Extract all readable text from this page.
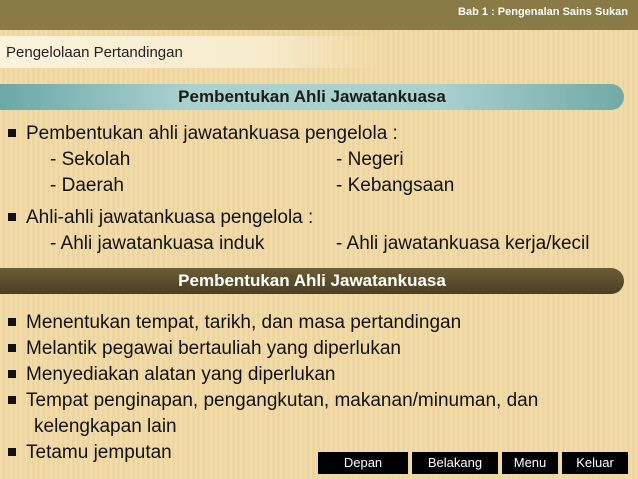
Bab 1 : Pengenalan Sains Sukan
Pengelolaan Pertandingan
Pembentukan Ahli Jawatankuasa
Pembentukan ahli jawatankuasa pengelola :
- Sekolah	- Negeri
- Daerah	- Kebangsaan
Ahli-ahli jawatankuasa pengelola :
- Ahli jawatankuasa induk	- Ahli jawatankuasa kerja/kecil
Pembentukan Ahli Jawatankuasa
Menentukan tempat, tarikh, dan masa pertandingan
Melantik pegawai bertauliah yang diperlukan
Menyediakan alatan yang diperlukan
Tempat penginapan, pengangkutan, makanan/minuman, dan
kelengkapan lain
Tetamu jemputan	Depan	Belakang	Menu	Keluar
